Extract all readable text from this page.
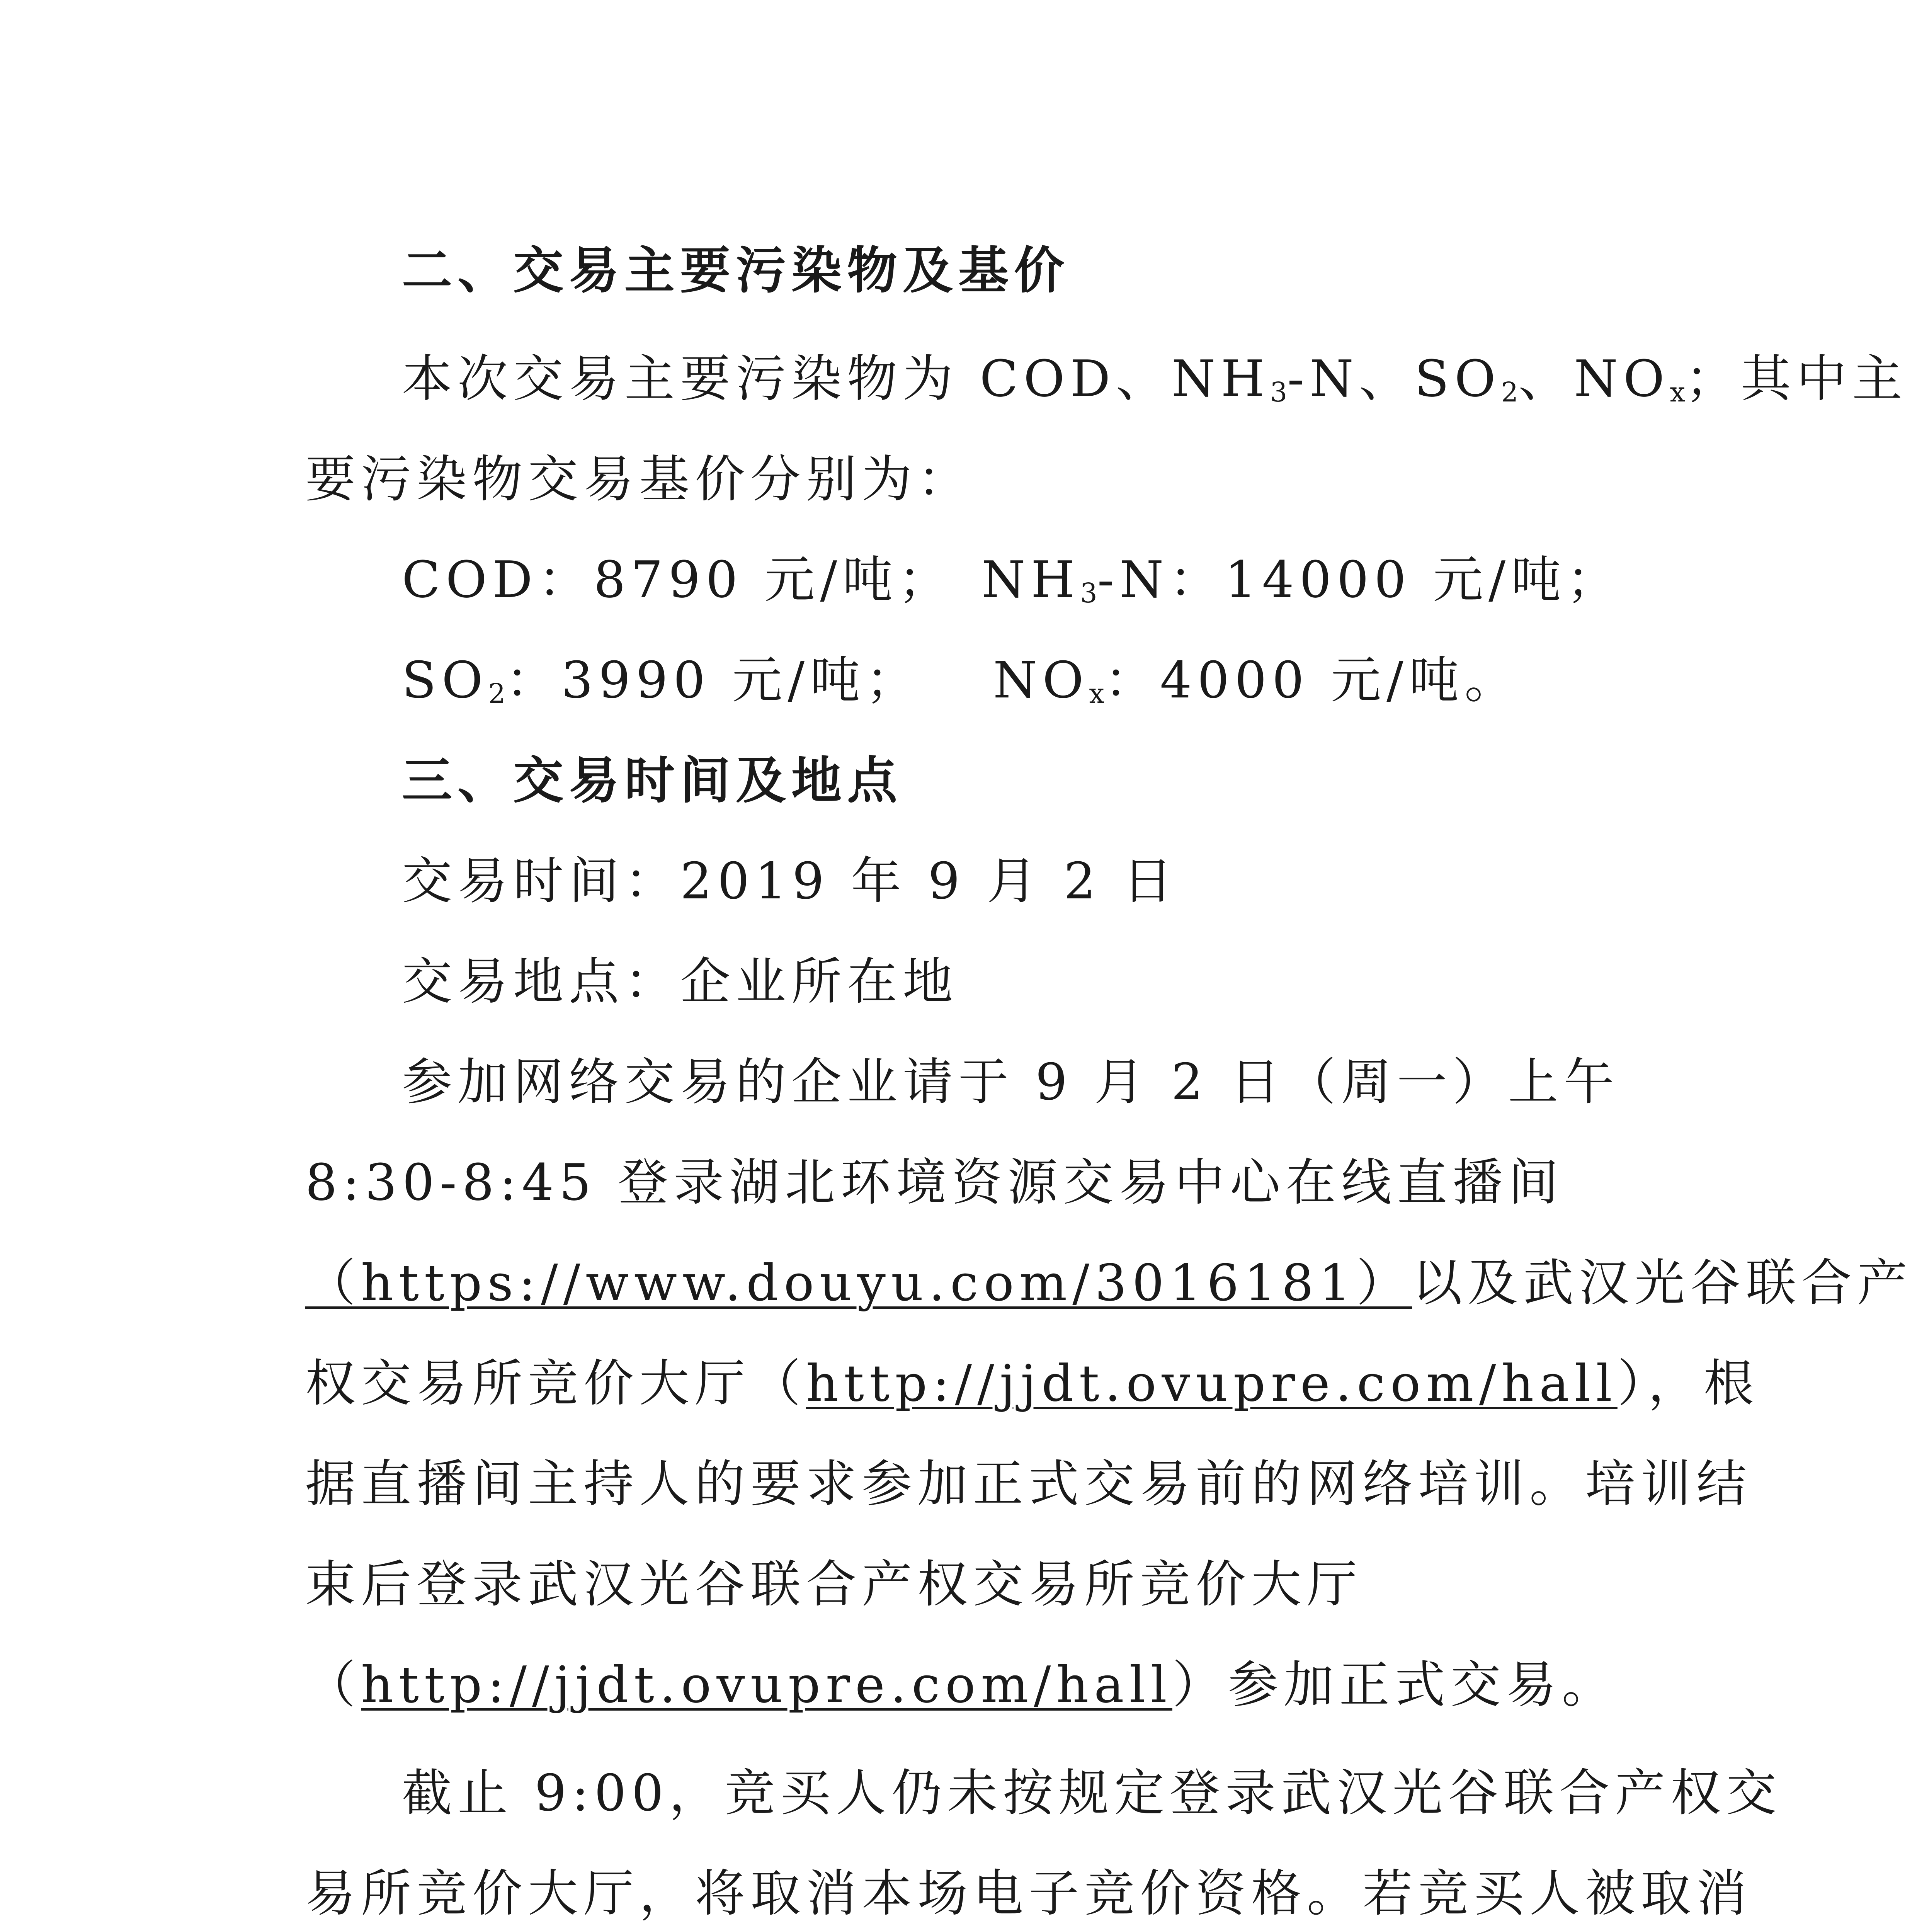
二、交易主要污染物及基价
本次交易主要污染物为 COD、$NH_3-N$、$SO_2$、$NO_x$；其中主
要污染物交易基价分别为：
COD：8790 元/吨； $NH_3-N$：14000 元/吨；
$SO_2$：3990 元/吨； $NO_x$：4000 元/吨。
三、交易时间及地点
交易时间：2019 年 9 月 2 日
交易地点：企业所在地
参加网络交易的企业请于 9 月 2 日（周一）上午
8:30-8:45 登录湖北环境资源交易中心在线直播间
（https://www.douyu.com/3016181）以及武汉光谷联合产
权交易所竞价大厅（http://jjdt.ovupre.com/hall），根
据直播间主持人的要求参加正式交易前的网络培训。培训结
束后登录武汉光谷联合产权交易所竞价大厅
（http://jjdt.ovupre.com/hall）参加正式交易。
截止 9:00，竞买人仍未按规定登录武汉光谷联合产权交
易所竞价大厅，将取消本场电子竞价资格。若竞买人被取消
